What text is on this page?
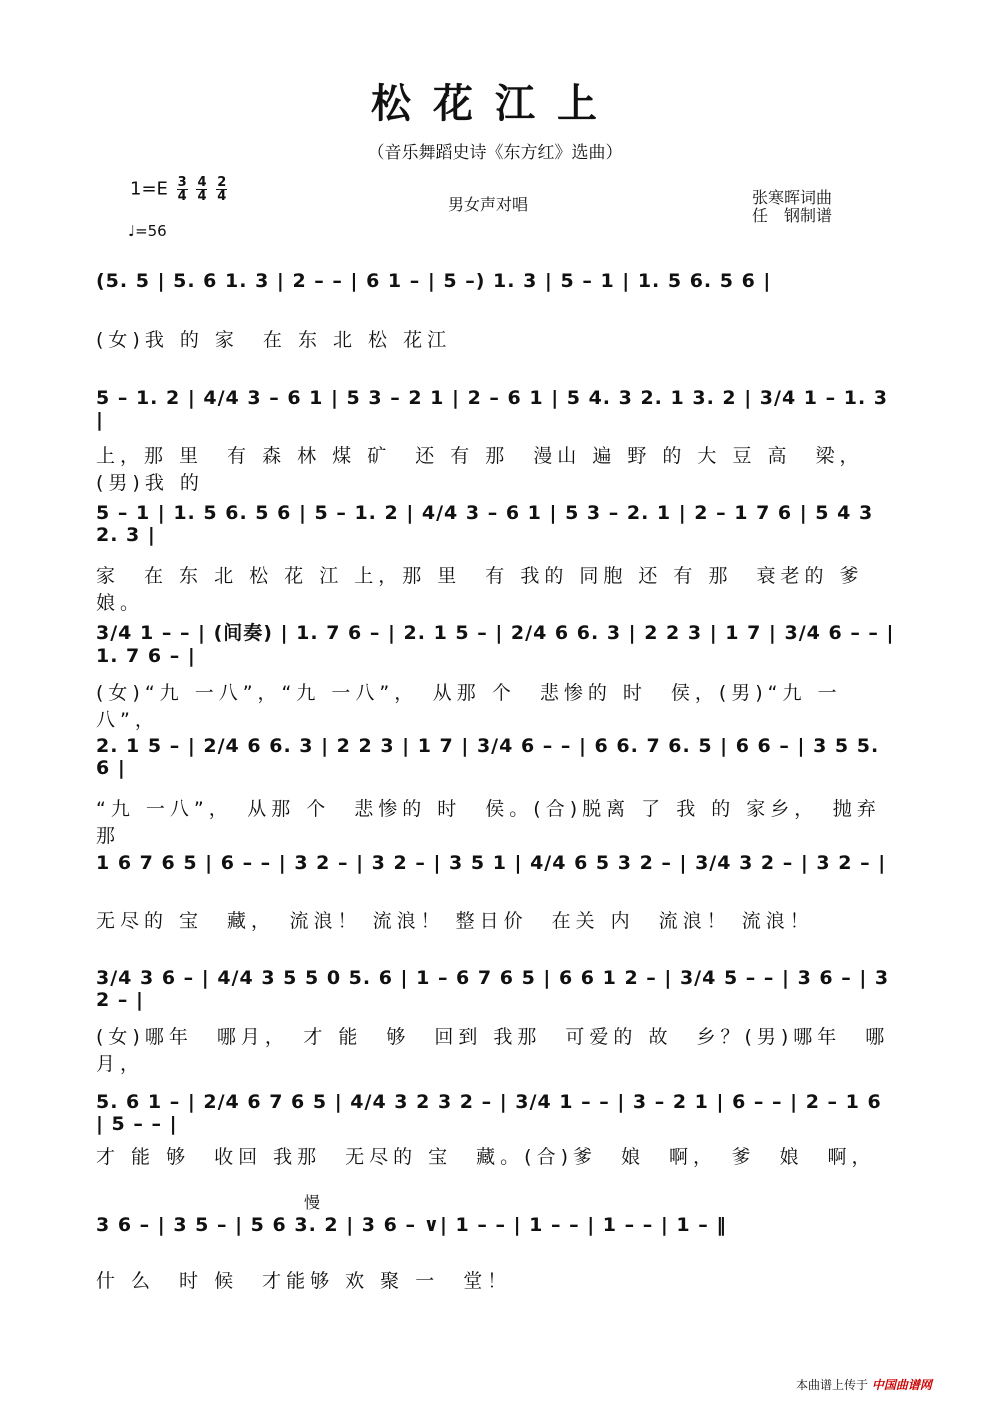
松花江上
（音乐舞蹈史诗《东方红》选曲）
$1=E \frac{3}{4}$
$\frac{4}{4}$
$\frac{2}{4}$
♩=56
男女声对唱	张寒晖词曲
任　钢制谱
(5. 5 | 5. 6 1. 3 | 2 – – | 6 1 – | 5 –) 1. 3 | 5 – 1 | 1. 5 6. 5 6 |
(女)我 的 家　在 东 北 松 花江
5 – 1. 2 | 4/4 3 – 6 1 | 5 3 – 2 1 | 2 – 6 1 | 5 4. 3 2. 1 3. 2 | 3/4 1 – 1. 3 |
上，那 里　有 森 林 煤 矿　还 有 那　漫山 遍 野 的 大 豆 高　梁，(男)我 的
5 – 1 | 1. 5 6. 5 6 | 5 – 1. 2 | 4/4 3 – 6 1 | 5 3 – 2. 1 | 2 – 1 7 6 | 5 4 3 2. 3 |
家　在 东 北 松 花 江 上，那 里　有 我的 同胞 还 有 那　衰老的 爹　娘。
3/4 1 – – | (间奏) | 1. 7 6 – | 2. 1 5 – | 2/4 6 6. 3 | 2 2 3 | 1 7 | 3/4 6 – – | 1. 7 6 – |
(女)“九 一八”，“九 一八”，　从那 个　悲惨的 时　侯，(男)“九 一八”，
2. 1 5 – | 2/4 6 6. 3 | 2 2 3 | 1 7 | 3/4 6 – – | 6 6. 7 6. 5 | 6 6 – | 3 5 5. 6 |
“九 一八”，　从那 个　悲惨的 时　侯。(合)脱离 了 我 的 家乡，　抛弃　那
1 6 7 6 5 | 6 – – | 3 2 – | 3 2 – | 3 5 1 | 4/4 6 5 3 2 – | 3/4 3 2 – | 3 2 – |
无尽的 宝　藏，　流浪！ 流浪！ 整日价　在关 内　流浪！ 流浪！
3/4 3 6 – | 4/4 3 5 5 0 5. 6 | 1 – 6 7 6 5 | 6 6 1 2 – | 3/4 5 – – | 3 6 – | 3 2 – |
(女)哪年　哪月，　才 能　够　回到 我那　可爱的 故　乡？(男)哪年　哪月，
5. 6 1 – | 2/4 6 7 6 5 | 4/4 3 2 3 2 – | 3/4 1 – – | 3 – 2 1 | 6 – – | 2 – 1 6 | 5 – – |
才 能 够　收回 我那　无尽的 宝　藏。(合)爹　娘　啊，　爹　娘　啊，
慢
3 6 – | 3 5 – | 5 6 3. 2 | 3 6 – ∨| 1 – – | 1 – – | 1 – – | 1 – ‖
什 么　时 候　才能够 欢 聚 一　堂！
本曲谱上传于 中国曲谱网
